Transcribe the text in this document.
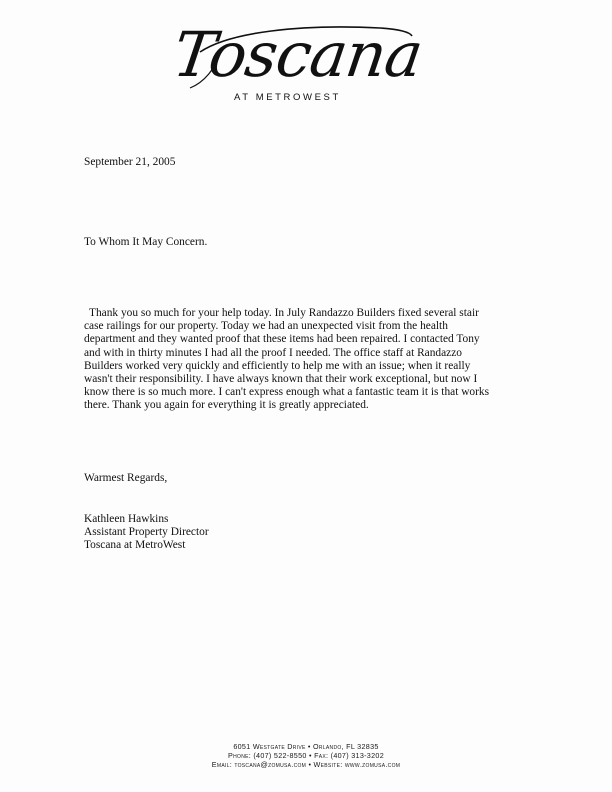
Toscana
AT METROWEST
September 21, 2005
To Whom It May Concern.
Thank you so much for your help today. In July Randazzo Builders fixed several stair
case railings for our property. Today we had an unexpected visit from the health
department and they wanted proof that these items had been repaired. I contacted Tony
and with in thirty minutes I had all the proof I needed. The office staff at Randazzo
Builders worked very quickly and efficiently to help me with an issue; when it really
wasn't their responsibility. I have always known that their work exceptional, but now I
know there is so much more. I can't express enough what a fantastic team it is that works
there. Thank you again for everything it is greatly appreciated.
Warmest Regards,
Kathleen Hawkins
Assistant Property Director
Toscana at MetroWest
6051 Westgate Drive • Orlando, FL 32835
Phone: (407) 522-8550 • Fax: (407) 313-3202
Email: toscana@zomusa.com • Website: www.zomusa.com
